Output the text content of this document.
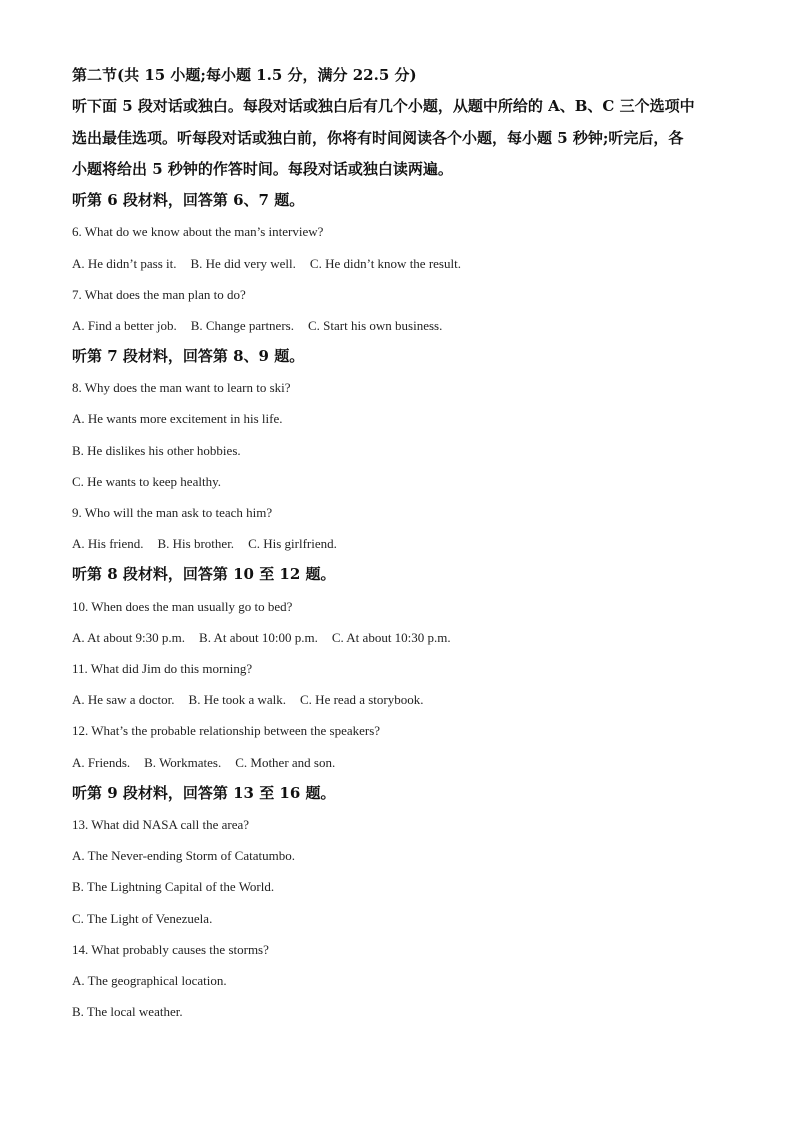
第二节(共 15 小题;每小题 1.5 分，满分 22.5 分)
听下面 5 段对话或独白。每段对话或独白后有几个小题，从题中所给的 A、B、C 三个选项中
选出最佳选项。听每段对话或独白前，你将有时间阅读各个小题，每小题 5 秒钟;听完后，各
小题将给出 5 秒钟的作答时间。每段对话或独白读两遍。
听第 6 段材料，回答第 6、7 题。
6. What do we know about the man’s interview?
A. He didn’t pass it. B. He did very well. C. He didn’t know the result.
7. What does the man plan to do?
A. Find a better job. B. Change partners. C. Start his own business.
听第 7 段材料，回答第 8、9 题。
8. Why does the man want to learn to ski?
A. He wants more excitement in his life.
B. He dislikes his other hobbies.
C. He wants to keep healthy.
9. Who will the man ask to teach him?
A. His friend. B. His brother. C. His girlfriend.
听第 8 段材料，回答第 10 至 12 题。
10. When does the man usually go to bed?
A. At about 9:30 p.m. B. At about 10:00 p.m. C. At about 10:30 p.m.
11. What did Jim do this morning?
A. He saw a doctor. B. He took a walk. C. He read a storybook.
12. What’s the probable relationship between the speakers?
A. Friends. B. Workmates. C. Mother and son.
听第 9 段材料，回答第 13 至 16 题。
13. What did NASA call the area?
A. The Never-ending Storm of Catatumbo.
B. The Lightning Capital of the World.
C. The Light of Venezuela.
14. What probably causes the storms?
A. The geographical location.
B. The local weather.
